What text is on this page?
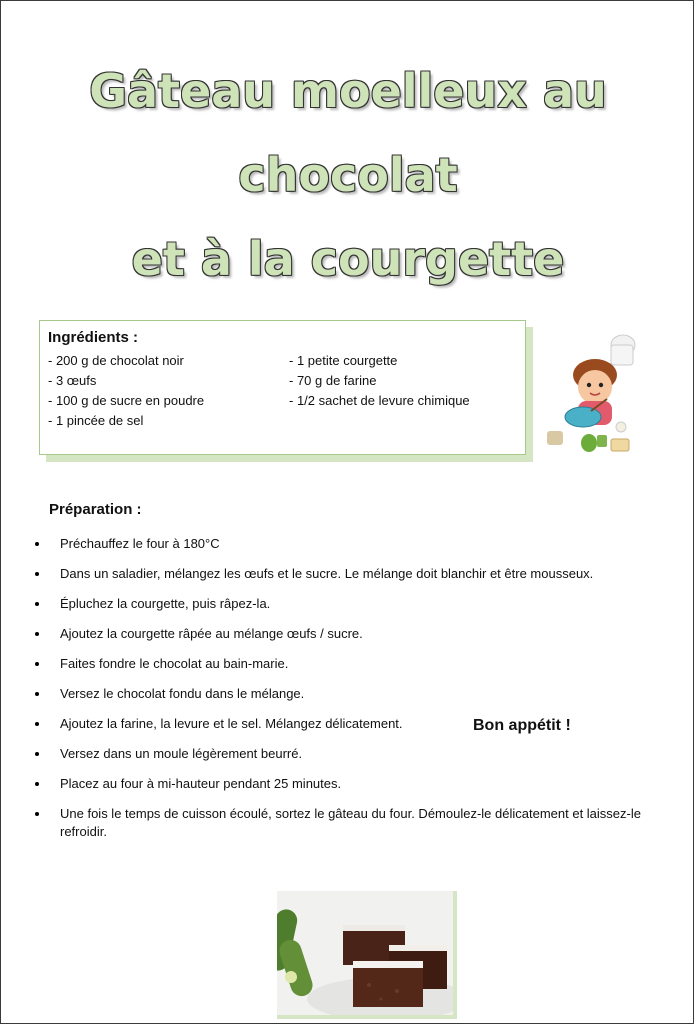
Gâteau moelleux au
chocolat
et à la courgette
Ingrédients :
- 200 g de chocolat noir
- 3 œufs
- 100 g de sucre en poudre
- 1 pincée de sel
- 1 petite courgette
- 70 g de farine
- 1/2 sachet de levure chimique
Préparation :
Préchauffez le four à 180°C
Dans un saladier, mélangez les œufs et le sucre. Le mélange doit blanchir et être mousseux.
Épluchez la courgette, puis râpez-la.
Ajoutez la courgette râpée au mélange œufs / sucre.
Faites fondre le chocolat au bain-marie.
Versez le chocolat fondu dans le mélange.
Ajoutez la farine, la levure et le sel. Mélangez délicatement.
Versez dans un moule légèrement beurré.
Placez au four à mi-hauteur pendant 25 minutes.
Une fois le temps de cuisson écoulé, sortez le gâteau du four. Démoulez-le délicatement et laissez-le refroidir.
Bon appétit !
